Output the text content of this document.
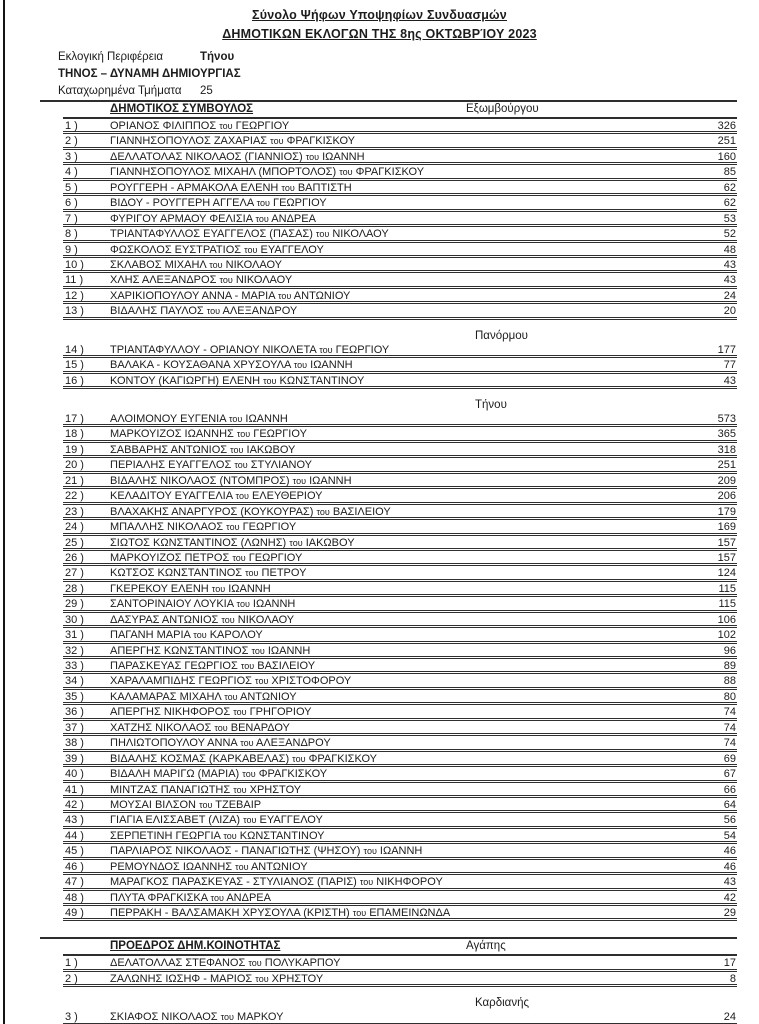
Σύνολο Ψήφων Υποψηφίων Συνδυασμών
ΔΗΜΟΤΙΚΩΝ ΕΚΛΟΓΩΝ ΤΗΣ 8ης ΟΚΤΩΒΡΊΟΥ 2023
Εκλογική Περιφέρεια	Τήνου
ΤΗΝΟΣ – ΔΥΝΑΜΗ ΔΗΜΙΟΥΡΓΙΑΣ
Καταχωρημένα Τμήματα 25
ΔΗΜΟΤΙΚΟΣ ΣΥΜΒΟΥΛΟΣ	Εξωμβούργου
1 )	ΟΡΙΑΝΟΣ ΦΙΛΙΠΠΟΣ του ΓΕΩΡΓΙΟΥ	326
2 )	ΓΙΑΝΝΗΣΟΠΟΥΛΟΣ ΖΑΧΑΡΙΑΣ του ΦΡΑΓΚΙΣΚΟΥ	251
3 )	ΔΕΛΛΑΤΟΛΑΣ ΝΙΚΟΛΑΟΣ (ΓΙΑΝΝΙΟΣ) του ΙΩΑΝΝΗ	160
4 )	ΓΙΑΝΝΗΣΟΠΟΥΛΟΣ ΜΙΧΑΗΛ (ΜΠΟΡΤΟΛΟΣ) του ΦΡΑΓΚΙΣΚΟΥ	85
5 )	ΡΟΥΓΓΕΡΗ - ΑΡΜΑΚΟΛΑ ΕΛΕΝΗ του ΒΑΠΤΙΣΤΗ	62
6 )	ΒΙΔΟΥ - ΡΟΥΓΓΕΡΗ ΑΓΓΕΛΑ του ΓΕΩΡΓΙΟΥ	62
7 )	ΦΥΡΙΓΟΥ ΑΡΜΑΟΥ ΦΕΛΙΣΙΑ του ΑΝΔΡΕΑ	53
8 )	ΤΡΙΑΝΤΑΦΥΛΛΟΣ ΕΥΑΓΓΕΛΟΣ (ΠΑΣΑΣ) του ΝΙΚΟΛΑΟΥ	52
9 )	ΦΩΣΚΟΛΟΣ ΕΥΣΤΡΑΤΙΟΣ του ΕΥΑΓΓΕΛΟΥ	48
10 ) ΣΚΛΑΒΟΣ ΜΙΧΑΗΛ του ΝΙΚΟΛΑΟΥ	43
11 ) ΧΛΗΣ ΑΛΕΞΑΝΔΡΟΣ του ΝΙΚΟΛΑΟΥ	43
12 ) ΧΑΡΙΚΙΟΠΟΥΛΟΥ ΑΝΝΑ - ΜΑΡΙΑ του ΑΝΤΩΝΙΟΥ	24
13 ) ΒΙΔΑΛΗΣ ΠΑΥΛΟΣ του ΑΛΕΞΑΝΔΡΟΥ	20
Πανόρμου
14 ) ΤΡΙΑΝΤΑΦΥΛΛΟΥ - ΟΡΙΑΝΟΥ ΝΙΚΟΛΕΤΑ του ΓΕΩΡΓΙΟΥ	177
15 ) ΒΑΛΑΚΑ - ΚΟΥΣΑΘΑΝΑ ΧΡΥΣΟΥΛΑ του ΙΩΑΝΝΗ	77
16 ) ΚΟΝΤΟΥ (ΚΑΓΙΩΡΓΗ) ΕΛΕΝΗ του ΚΩΝΣΤΑΝΤΙΝΟΥ	43
Τήνου
17 ) ΑΛΟΙΜΟΝΟΥ ΕΥΓΕΝΙΑ του ΙΩΑΝΝΗ	573
18 ) ΜΑΡΚΟΥΙΖΟΣ ΙΩΑΝΝΗΣ του ΓΕΩΡΓΙΟΥ	365
19 ) ΣΑΒΒΑΡΗΣ ΑΝΤΩΝΙΟΣ του ΙΑΚΩΒΟΥ	318
20 ) ΠΕΡΙΑΛΗΣ ΕΥΑΓΓΕΛΟΣ του ΣΤΥΛΙΑΝΟΥ	251
21 ) ΒΙΔΑΛΗΣ ΝΙΚΟΛΑΟΣ (ΝΤΟΜΠΡΟΣ) του ΙΩΑΝΝΗ	209
22 ) ΚΕΛΑΔΙΤΟΥ ΕΥΑΓΓΕΛΙΑ του ΕΛΕΥΘΕΡΙΟΥ	206
23 ) ΒΛΑΧΑΚΗΣ ΑΝΑΡΓΥΡΟΣ (ΚΟΥΚΟΥΡΑΣ) του ΒΑΣΙΛΕΙΟΥ	179
24 ) ΜΠΑΛΛΗΣ ΝΙΚΟΛΑΟΣ του ΓΕΩΡΓΙΟΥ	169
25 ) ΣΙΩΤΟΣ ΚΩΝΣΤΑΝΤΙΝΟΣ (ΛΩΝΗΣ) του ΙΑΚΩΒΟΥ	157
26 ) ΜΑΡΚΟΥΙΖΟΣ ΠΕΤΡΟΣ του ΓΕΩΡΓΙΟΥ	157
27 ) ΚΩΤΣΟΣ ΚΩΝΣΤΑΝΤΙΝΟΣ του ΠΕΤΡΟΥ	124
28 ) ΓΚΕΡΕΚΟΥ ΕΛΕΝΗ του ΙΩΑΝΝΗ	115
29 ) ΣΑΝΤΟΡΙΝΑΙΟΥ ΛΟΥΚΙΑ του ΙΩΑΝΝΗ	115
30 ) ΔΑΣΥΡΑΣ ΑΝΤΩΝΙΟΣ του ΝΙΚΟΛΑΟΥ	106
31 ) ΠΑΓΑΝΗ ΜΑΡΙΑ του ΚΑΡΟΛΟΥ	102
32 ) ΑΠΕΡΓΗΣ ΚΩΝΣΤΑΝΤΙΝΟΣ του ΙΩΑΝΝΗ	96
33 ) ΠΑΡΑΣΚΕΥΑΣ ΓΕΩΡΓΙΟΣ του ΒΑΣΙΛΕΙΟΥ	89
34 ) ΧΑΡΑΛΑΜΠΙΔΗΣ ΓΕΩΡΓΙΟΣ του ΧΡΙΣΤΟΦΟΡΟΥ	88
35 ) ΚΑΛΑΜΑΡΑΣ ΜΙΧΑΗΛ του ΑΝΤΩΝΙΟΥ	80
36 ) ΑΠΕΡΓΗΣ ΝΙΚΗΦΟΡΟΣ του ΓΡΗΓΟΡΙΟΥ	74
37 ) ΧΑΤΖΗΣ ΝΙΚΟΛΑΟΣ του ΒΕΝΑΡΔΟΥ	74
38 ) ΠΗΛΙΩΤΟΠΟΥΛΟΥ ΑΝΝΑ του ΑΛΕΞΑΝΔΡΟΥ	74
39 ) ΒΙΔΑΛΗΣ ΚΟΣΜΑΣ (ΚΑΡΚΑΒΕΛΑΣ) του ΦΡΑΓΚΙΣΚΟΥ	69
40 ) ΒΙΔΑΛΗ ΜΑΡΙΓΩ (ΜΑΡΙΑ) του ΦΡΑΓΚΙΣΚΟΥ	67
41 ) ΜΙΝΤΖΑΣ ΠΑΝΑΓΙΩΤΗΣ του ΧΡΗΣΤΟΥ	66
42 ) ΜΟΥΣΑΙ ΒΙΛΣΟΝ του ΤΖΕΒΑΙΡ	64
43 ) ΓΙΑΓΙΑ ΕΛΙΣΣΑΒΕΤ (ΛΙΖΑ) του ΕΥΑΓΓΕΛΟΥ	56
44 ) ΣΕΡΠΕΤΙΝΗ ΓΕΩΡΓΙΑ του ΚΩΝΣΤΑΝΤΙΝΟΥ	54
45 ) ΠΑΡΛΙΑΡΟΣ ΝΙΚΟΛΑΟΣ - ΠΑΝΑΓΙΩΤΗΣ (ΨΗΣΟΥ) του ΙΩΑΝΝΗ	46
46 ) ΡΕΜΟΥΝΔΟΣ ΙΩΑΝΝΗΣ του ΑΝΤΩΝΙΟΥ	46
47 ) ΜΑΡΑΓΚΟΣ ΠΑΡΑΣΚΕΥΑΣ - ΣΤΥΛΙΑΝΟΣ (ΠΑΡΙΣ) του ΝΙΚΗΦΟΡΟΥ	43
48 ) ΠΛΥΤΑ ΦΡΑΓΚΙΣΚΑ του ΑΝΔΡΕΑ	42
49 ) ΠΕΡΡΑΚΗ - ΒΑΛΣΑΜΑΚΗ ΧΡΥΣΟΥΛΑ (ΚΡΙΣΤΗ) του ΕΠΑΜΕΙΝΩΝΔΑ	29
ΠΡΟΕΔΡΟΣ ΔΗΜ.ΚΟΙΝΟΤΗΤΑΣ	Αγάπης
1 )	ΔΕΛΑΤΟΛΛΑΣ ΣΤΕΦΑΝΟΣ του ΠΟΛΥΚΑΡΠΟΥ	17
2 )	ΖΑΛΩΝΗΣ ΙΩΣΗΦ - ΜΑΡΙΟΣ του ΧΡΗΣΤΟΥ	8
Καρδιανής
3 )	ΣΚΙΑΦΟΣ ΝΙΚΟΛΑΟΣ του ΜΑΡΚΟΥ	24
